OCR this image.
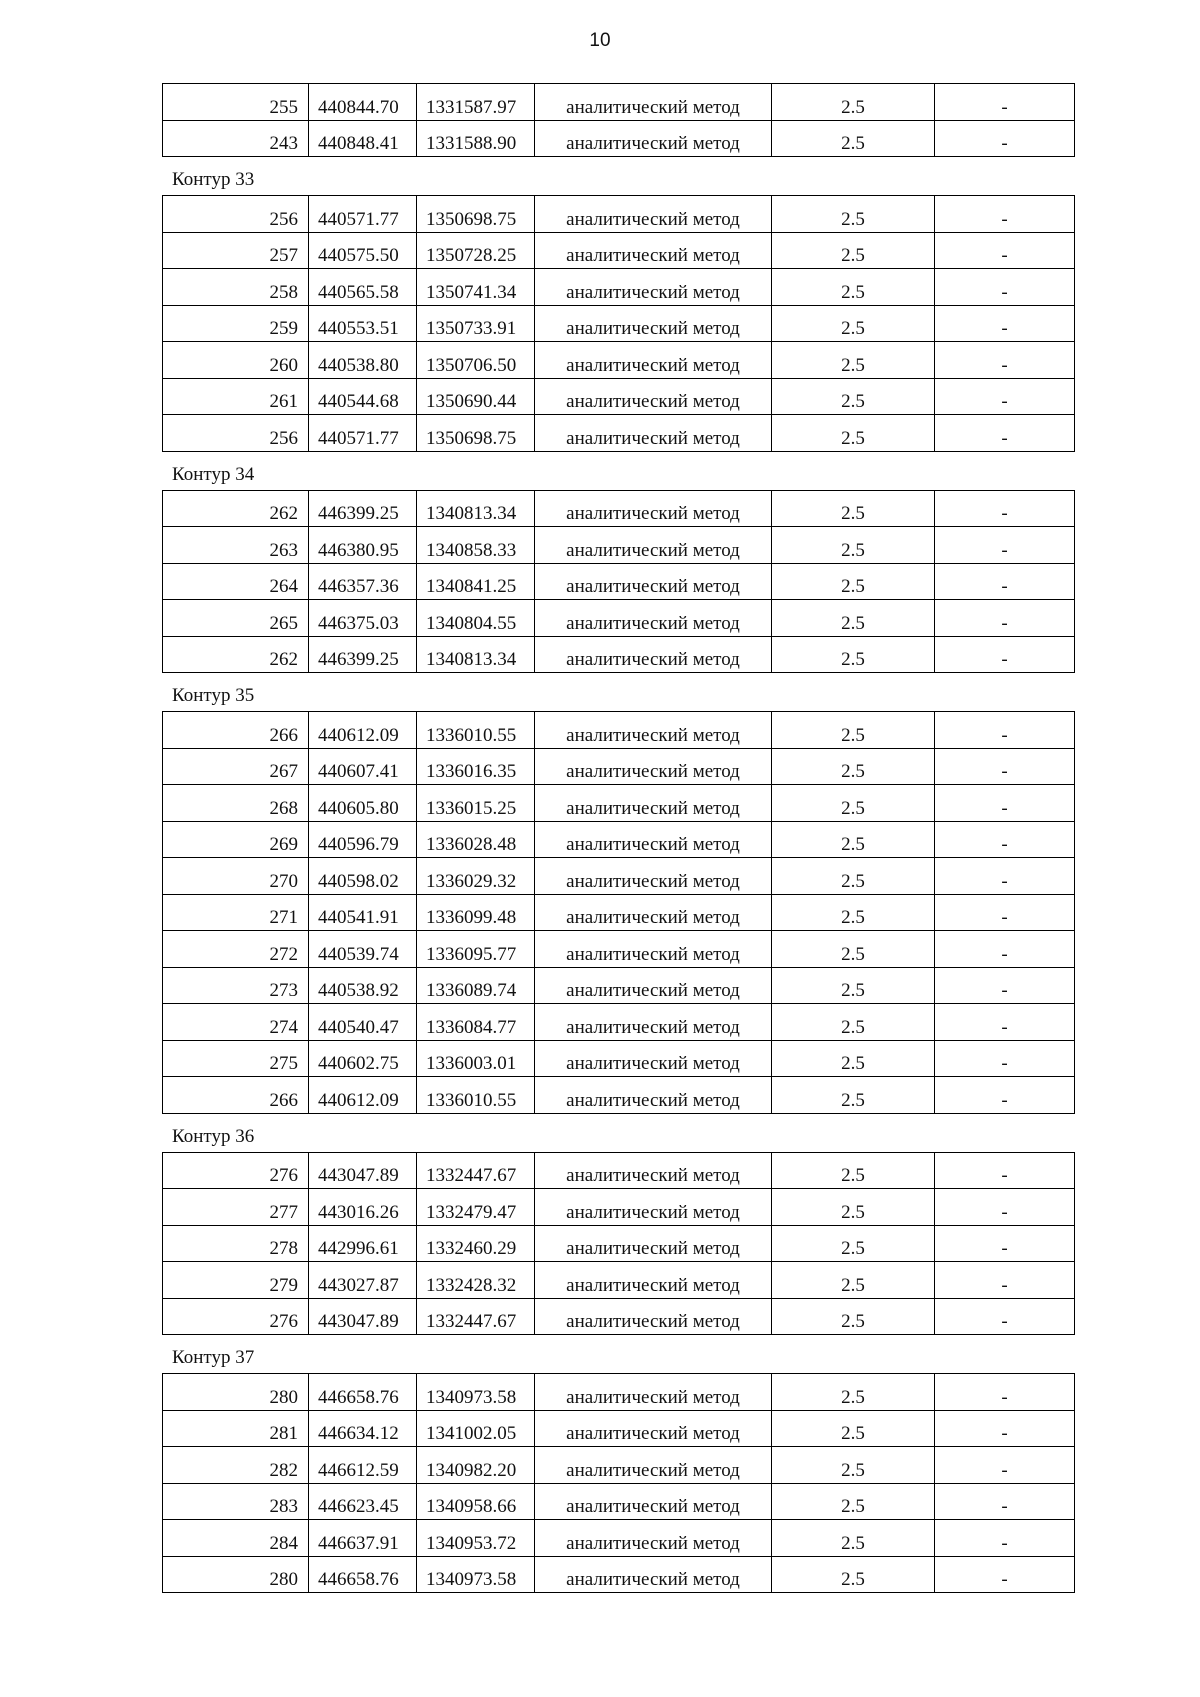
10
255	440844.70	1331587.97	аналитический метод	2.5	-
243	440848.41	1331588.90	аналитический метод	2.5	-
Контур 33
256	440571.77	1350698.75	аналитический метод	2.5	-
257	440575.50	1350728.25	аналитический метод	2.5	-
258	440565.58	1350741.34	аналитический метод	2.5	-
259	440553.51	1350733.91	аналитический метод	2.5	-
260	440538.80	1350706.50	аналитический метод	2.5	-
261	440544.68	1350690.44	аналитический метод	2.5	-
256	440571.77	1350698.75	аналитический метод	2.5	-
Контур 34
262	446399.25	1340813.34	аналитический метод	2.5	-
263	446380.95	1340858.33	аналитический метод	2.5	-
264	446357.36	1340841.25	аналитический метод	2.5	-
265	446375.03	1340804.55	аналитический метод	2.5	-
262	446399.25	1340813.34	аналитический метод	2.5	-
Контур 35
266	440612.09	1336010.55	аналитический метод	2.5	-
267	440607.41	1336016.35	аналитический метод	2.5	-
268	440605.80	1336015.25	аналитический метод	2.5	-
269	440596.79	1336028.48	аналитический метод	2.5	-
270	440598.02	1336029.32	аналитический метод	2.5	-
271	440541.91	1336099.48	аналитический метод	2.5	-
272	440539.74	1336095.77	аналитический метод	2.5	-
273	440538.92	1336089.74	аналитический метод	2.5	-
274	440540.47	1336084.77	аналитический метод	2.5	-
275	440602.75	1336003.01	аналитический метод	2.5	-
266	440612.09	1336010.55	аналитический метод	2.5	-
Контур 36
276	443047.89	1332447.67	аналитический метод	2.5	-
277	443016.26	1332479.47	аналитический метод	2.5	-
278	442996.61	1332460.29	аналитический метод	2.5	-
279	443027.87	1332428.32	аналитический метод	2.5	-
276	443047.89	1332447.67	аналитический метод	2.5	-
Контур 37
280	446658.76	1340973.58	аналитический метод	2.5	-
281	446634.12	1341002.05	аналитический метод	2.5	-
282	446612.59	1340982.20	аналитический метод	2.5	-
283	446623.45	1340958.66	аналитический метод	2.5	-
284	446637.91	1340953.72	аналитический метод	2.5	-
280	446658.76	1340973.58	аналитический метод	2.5	-
